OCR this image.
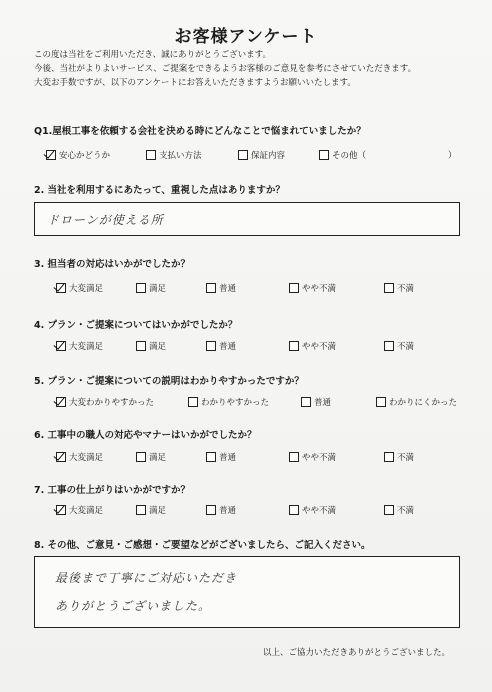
お客様アンケート
この度は当社をご利用いただき、誠にありがとうございます。
今後、当社がよりよいサービス、ご提案をできるようお客様のご意見を参考にさせていただきます。
大変お手数ですが、以下のアンケートにお答えいただきますようお願いいたします。
Q1.屋根工事を依頼する会社を決める時にどんなことで悩まれていましたか？
安心かどうか	支払い方法	保証内容	その他（	）
2. 当社を利用するにあたって、重視した点はありますか？
ドローンが使える所
3. 担当者の対応はいかがでしたか？
大変満足	満足	普通	やや不満	不満
4. プラン・ご提案についてはいかがでしたか？
大変満足	満足	普通	やや不満	不満
5. プラン・ご提案についての説明はわかりやすかったですか？
大変わかりやすかった	わかりやすかった	普通	わかりにくかった
6. 工事中の職人の対応やマナーはいかがでしたか？
大変満足	満足	普通	やや不満	不満
7. 工事の仕上がりはいかがですか？
大変満足	満足	普通	やや不満	不満
8. その他、ご意見・ご感想・ご要望などがございましたら、ご記入ください。
最後まで丁寧にご対応いただき
ありがとうございました。
以上、ご協力いただきありがとうございました。
